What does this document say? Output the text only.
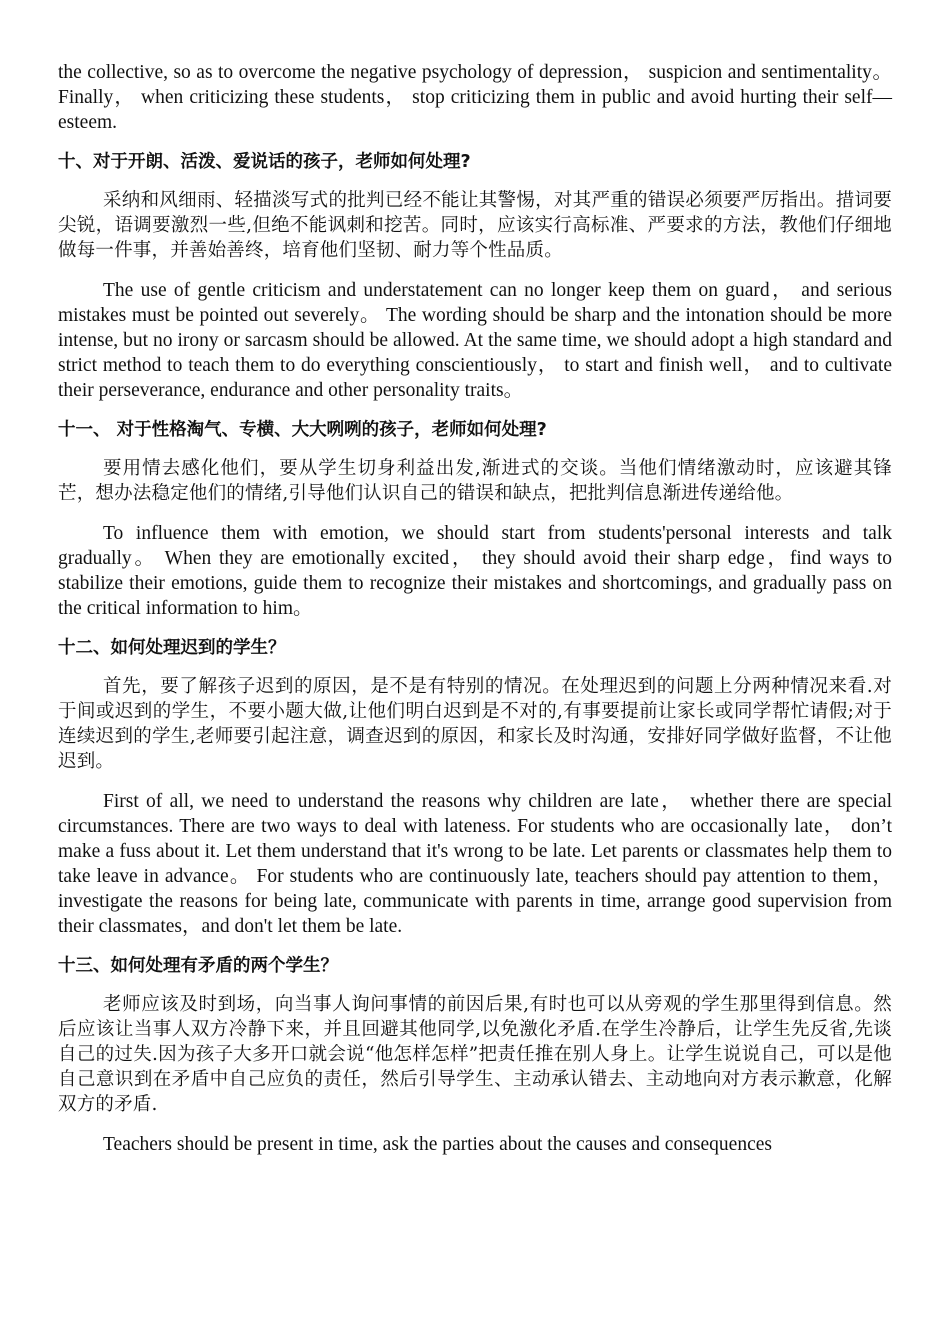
the collective, so as to overcome the negative psychology of depression， suspicion and sentimentality。 Finally， when criticizing these students， stop criticizing them in public and avoid hurting their self—esteem.

十、对于开朗、活泼、爱说话的孩子，老师如何处理?

采纳和风细雨、轻描淡写式的批判已经不能让其警惕，对其严重的错误必须要严厉指出。措词要尖锐，语调要激烈一些,但绝不能讽刺和挖苦。同时，应该实行高标准、严要求的方法，教他们仔细地做每一件事，并善始善终，培育他们坚韧、耐力等个性品质。

The use of gentle criticism and understatement can no longer keep them on guard， and serious mistakes must be pointed out severely。 The wording should be sharp and the intonation should be more intense, but no irony or sarcasm should be allowed. At the same time, we should adopt a high standard and strict method to teach them to do everything conscientiously， to start and finish well， and to cultivate their perseverance, endurance and other personality traits。

十一、 对于性格淘气、专横、大大咧咧的孩子，老师如何处理?

要用情去感化他们，要从学生切身利益出发,渐进式的交谈。当他们情绪激动时，应该避其锋芒，想办法稳定他们的情绪,引导他们认识自己的错误和缺点，把批判信息渐进传递给他。

To influence them with emotion, we should start from students'personal interests and talk gradually。 When they are emotionally excited， they should avoid their sharp edge，find ways to stabilize their emotions, guide them to recognize their mistakes and shortcomings, and gradually pass on the critical information to him。

十二、如何处理迟到的学生？

首先，要了解孩子迟到的原因，是不是有特别的情况。在处理迟到的问题上分两种情况来看.对于间或迟到的学生，不要小题大做,让他们明白迟到是不对的,有事要提前让家长或同学帮忙请假;对于连续迟到的学生,老师要引起注意，调查迟到的原因，和家长及时沟通，安排好同学做好监督，不让他迟到。

First of all, we need to understand the reasons why children are late， whether there are special circumstances. There are two ways to deal with lateness. For students who are occasionally late， don’t make a fuss about it. Let them understand that it's wrong to be late. Let parents or classmates help them to take leave in advance。 For students who are continuously late, teachers should pay attention to them， investigate the reasons for being late, communicate with parents in time, arrange good supervision from their classmates，and don't let them be late.

十三、如何处理有矛盾的两个学生？

老师应该及时到场，向当事人询问事情的前因后果,有时也可以从旁观的学生那里得到信息。然后应该让当事人双方冷静下来，并且回避其他同学,以免激化矛盾.在学生冷静后，让学生先反省,先谈自己的过失.因为孩子大多开口就会说“他怎样怎样”把责任推在别人身上。让学生说说自己，可以是他自己意识到在矛盾中自己应负的责任，然后引导学生、主动承认错去、主动地向对方表示歉意，化解双方的矛盾.

Teachers should be present in time, ask the parties about the causes and consequences
